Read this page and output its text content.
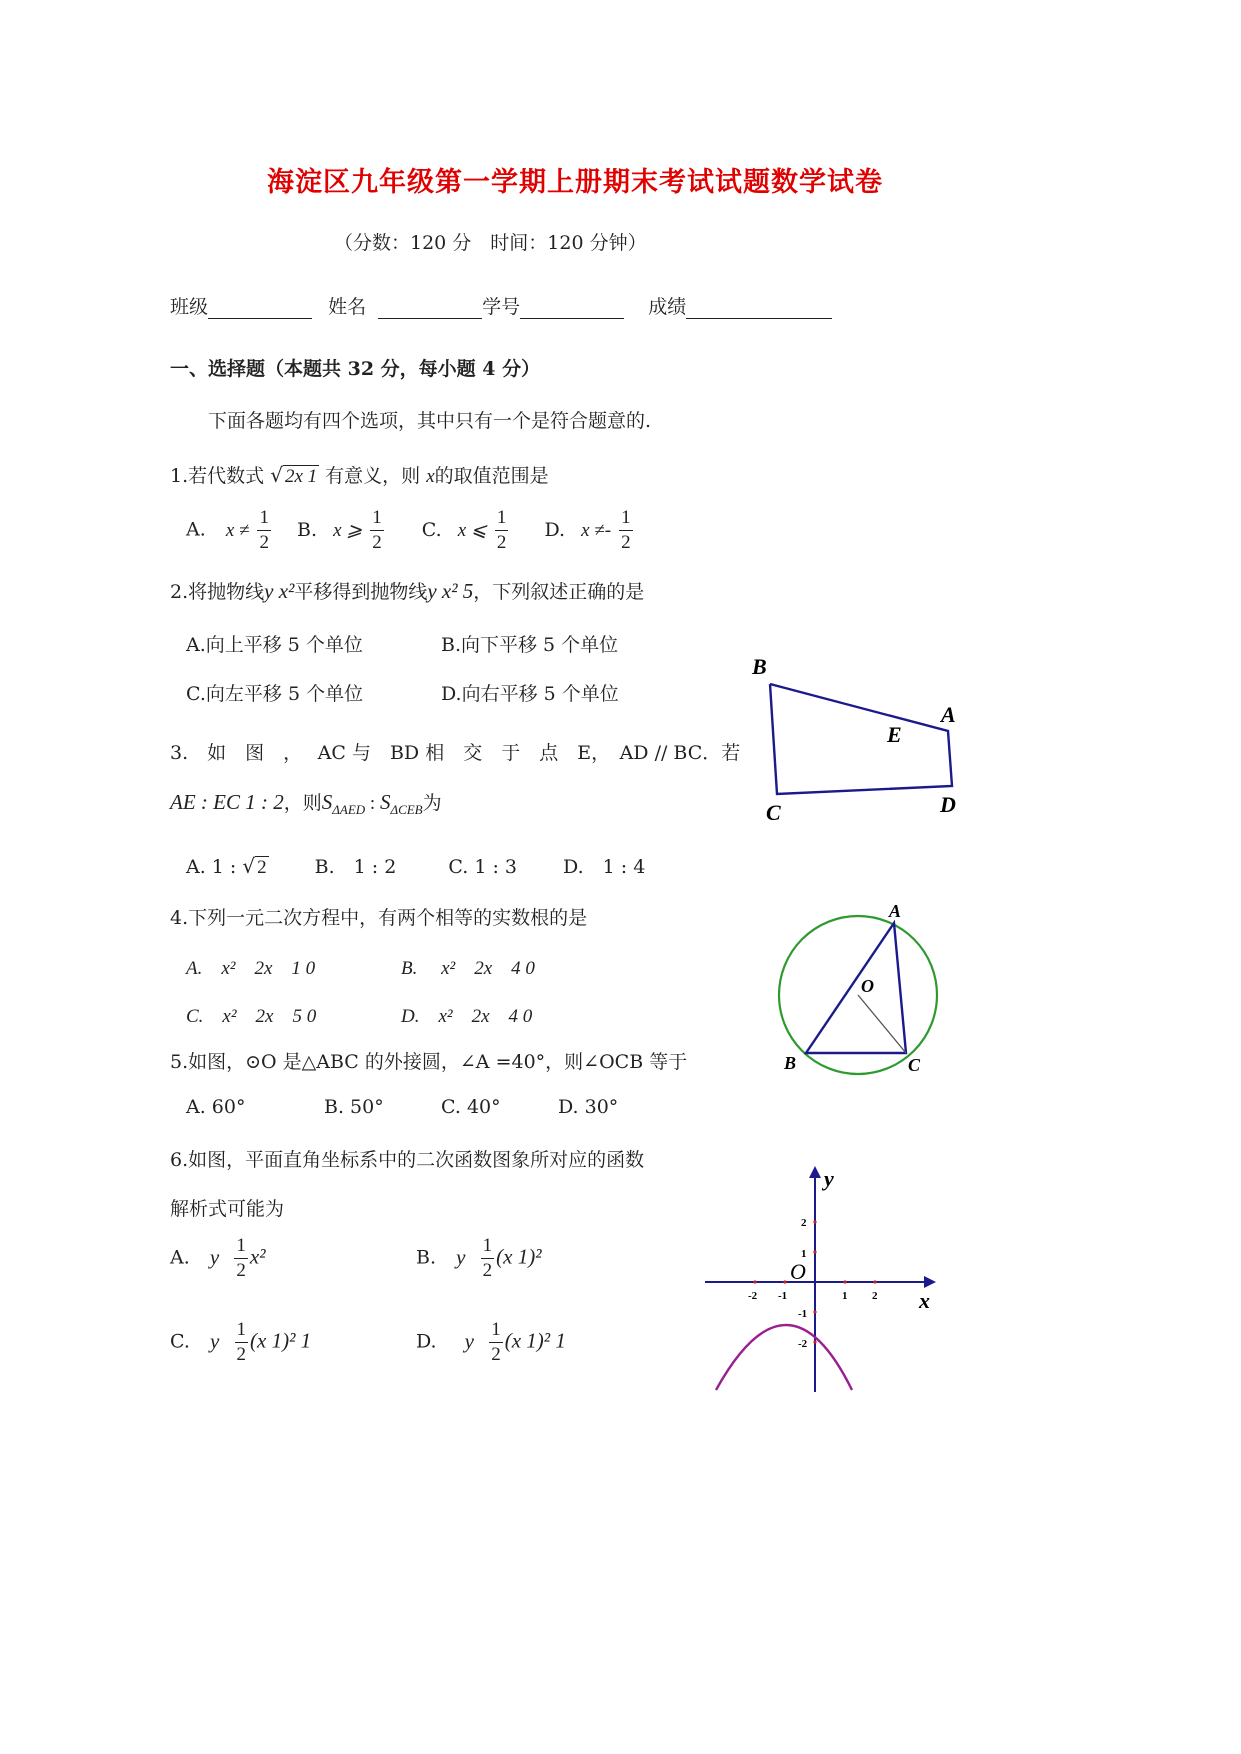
海淀区九年级第一学期上册期末考试试题数学试卷
（分数：120 分　时间：120 分钟）
班级	姓名	学号	成绩
一、选择题（本题共 32 分，每小题 4 分）
下面各题均有四个选项，其中只有一个是符合题意的.
1.若代数式 √ 2x 1 有意义，则 x的取值范围是
A. $x \ne \frac{1}{2} B$. x ⩾ $\frac{1}{2} C$. x ⩽ $\frac{1}{2} D$. $x \ne- \frac{1}{2}$
2.将抛物线y x²平移得到抛物线y x² 5，下列叙述正确的是
A.向上平移 5 个单位	B.向下平移 5 个单位
C.向左平移 5 个单位	D.向右平移 5 个单位
3.　如　图　，　 AC 与　BD 相　交　于　点　E，　AD // BC．若
AE : EC 1 : 2，则$S_{\Delta AED}$ : $S_{\Delta CEB}$为
A. 1 : √ 2	B.　1 : 2	C. 1 : 3 D.　1 : 4
B
A
E
C	D
4.下列一元二次方程中，有两个相等的实数根的是
A.　x²　2x　1 0	B.　 x²　2x　4 0
C.　x²　2x　5 0	D.　x²　2x　4 0
5.如图，⊙O 是△ABC 的外接圆，∠A =40°，则∠OCB 等于
A. 60°	B. 50°	C. 40°	D. 30°
A
O
B	C
6.如图，平面直角坐标系中的二次函数图象所对应的函数
解析式可能为
A. y $\frac{1}{2} x^2$	B. y $\frac{1}{2} (x$ 1)²
C. y $\frac{1}{2} (x$ 1)² 1	D. y $\frac{1}{2} (x$ 1)² 1
y
x
O
2
1
-1
-2
-2 -1	1 2
